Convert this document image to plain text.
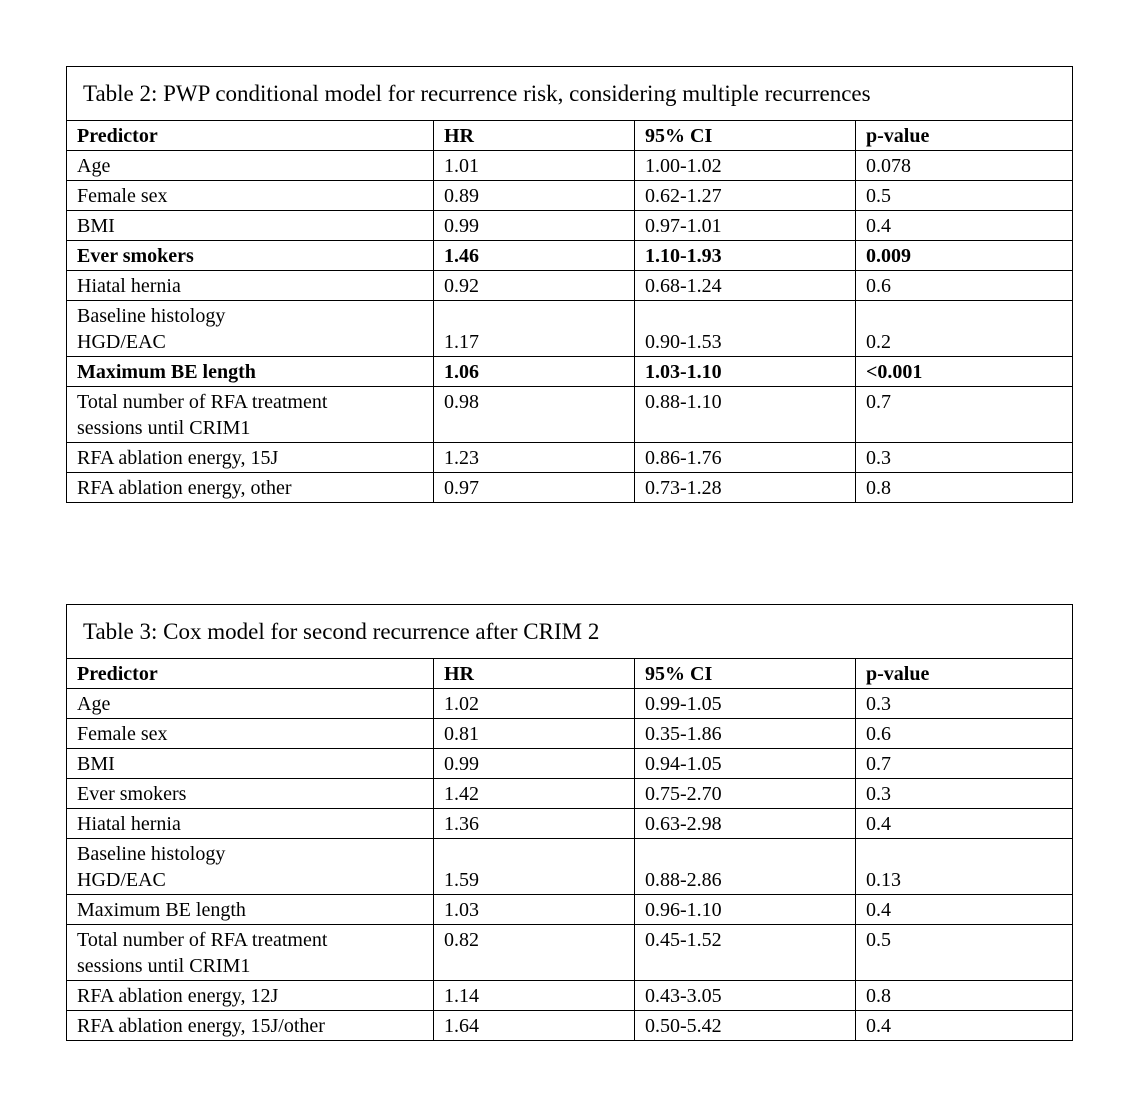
Table 2: PWP conditional model for recurrence risk, considering multiple recurrences
Predictor	HR	95% CI	p-value
Age	1.01	1.00-1.02	0.078
Female sex	0.89	0.62-1.27	0.5
BMI	0.99	0.97-1.01	0.4
Ever smokers	1.46	1.10-1.93	0.009
Hiatal hernia	0.92	0.68-1.24	0.6
Baseline histology
HGD/EAC	1.17	0.90-1.53	0.2
Maximum BE length	1.06	1.03-1.10	<0.001
Total number of RFA treatment
sessions until CRIM1
0.98	0.88-1.10	0.7
RFA ablation energy, 15J	1.23	0.86-1.76	0.3
RFA ablation energy, other	0.97	0.73-1.28	0.8
Table 3: Cox model for second recurrence after CRIM 2
Predictor	HR	95% CI	p-value
Age	1.02	0.99-1.05	0.3
Female sex	0.81	0.35-1.86	0.6
BMI	0.99	0.94-1.05	0.7
Ever smokers	1.42	0.75-2.70	0.3
Hiatal hernia	1.36	0.63-2.98	0.4
Baseline histology
HGD/EAC	1.59	0.88-2.86	0.13
Maximum BE length	1.03	0.96-1.10	0.4
Total number of RFA treatment
sessions until CRIM1
0.82	0.45-1.52	0.5
RFA ablation energy, 12J	1.14	0.43-3.05	0.8
RFA ablation energy, 15J/other	1.64	0.50-5.42	0.4
